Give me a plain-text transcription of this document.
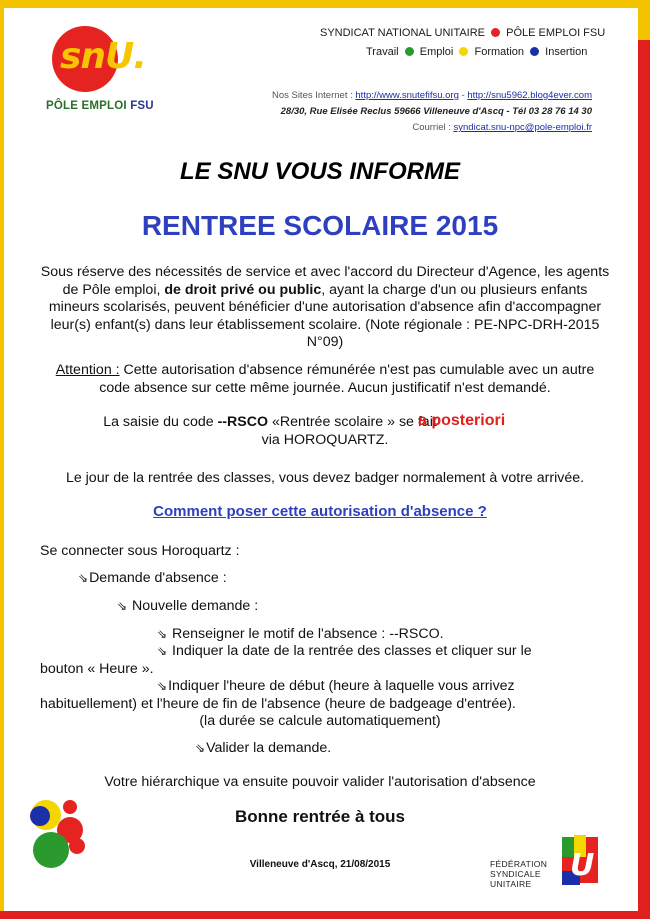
snU.
PÔLE EMPLOI FSU
SYNDICAT NATIONAL UNITAIRE PÔLE EMPLOI FSU
Travail Emploi Formation Insertion
Nos Sites Internet : http://www.snutefifsu.org - http://snu5962.blog4ever.com
28/30, Rue Elisée Reclus 59666 Villeneuve d'Ascq - Tél 03 28 76 14 30
Courriel : syndicat.snu-npc@pole-emploi.fr
LE SNU VOUS INFORME
RENTREE SCOLAIRE 2015
Sous réserve des nécessités de service et avec l'accord du Directeur d'Agence, les agents de Pôle emploi, de droit privé ou public, ayant la charge d'un ou plusieurs enfants mineurs scolarisés, peuvent bénéficier d'une autorisation d'absence afin d'accompagner leur(s) enfant(s) dans leur établissement scolaire. (Note régionale : PE-NPC-DRH-2015 N°09)
Attention : Cette autorisation d'absence rémunérée n'est pas cumulable avec un autre code absence sur cette même journée. Aucun justificatif n'est demandé.
La saisie du code --RSCO «Rentrée scolaire » se fait
via HOROQUARTZ.
a posteriori
Le jour de la rentrée des classes, vous devez badger normalement à votre arrivée.
Comment poser cette autorisation d'absence ?
Se connecter sous Horoquartz :
⇘Demande d'absence :
⇘ Nouvelle demande :
⇘ Renseigner le motif de l'absence : --RSCO.
⇘ Indiquer la date de la rentrée des classes et cliquer sur le bouton « Heure ».
⇘Indiquer l'heure de début (heure à laquelle vous arrivez habituellement) et l'heure de fin de l'absence (heure de badgeage d'entrée).
(la durée se calcule automatiquement)
⇘Valider la demande.
Votre hiérarchique va ensuite pouvoir valider l'autorisation d'absence
Bonne rentrée à tous
Villeneuve d'Ascq, 21/08/2015	FÉDÉRATION
SYNDICALE
UNITAIRE
U
